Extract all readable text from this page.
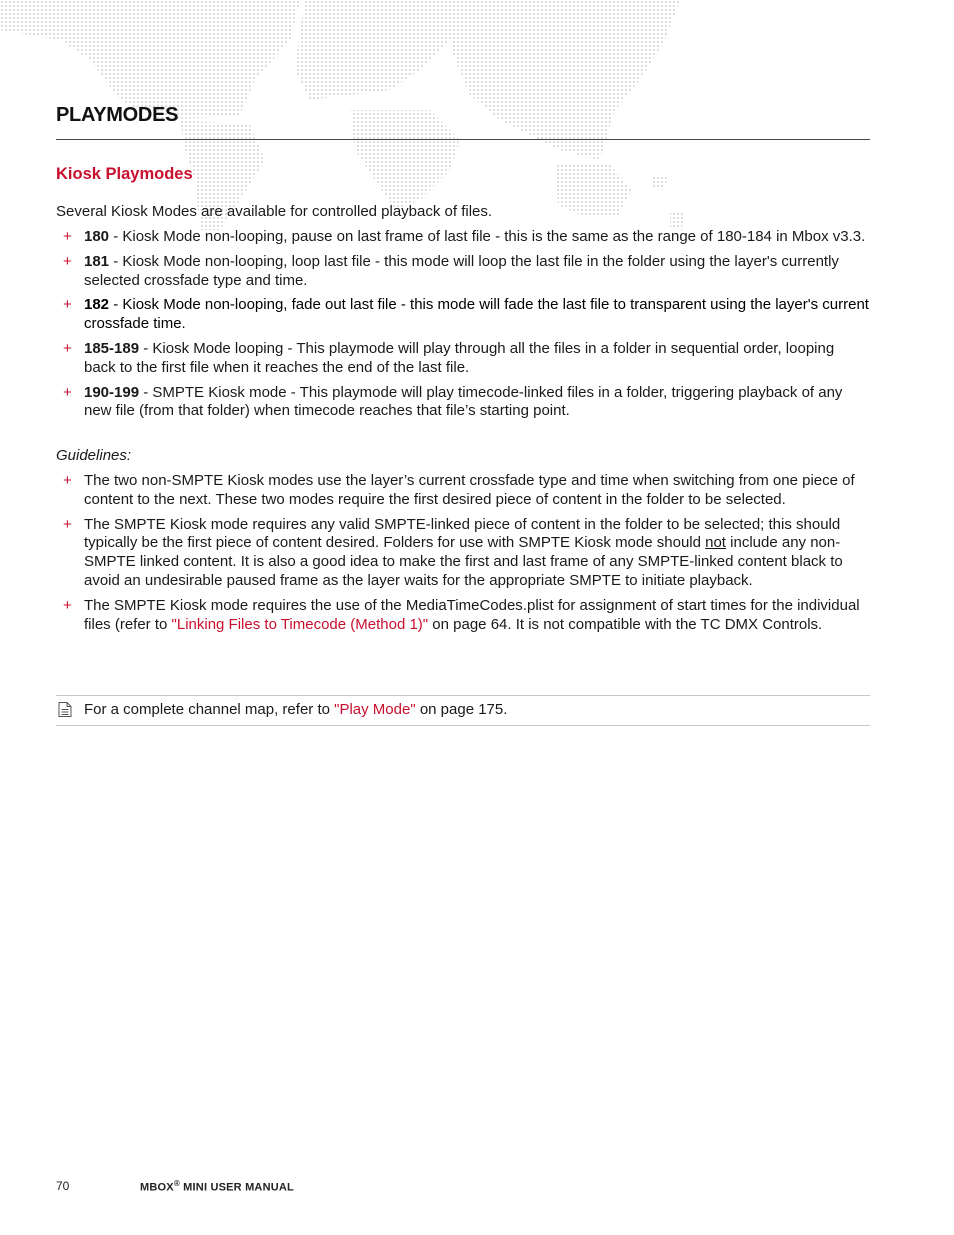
PLAYMODES
Kiosk Playmodes

Several Kiosk Modes are available for controlled playback of files.

+ 180 - Kiosk Mode non-looping, pause on last frame of last file - this is the same as the range of 180-184 in Mbox v3.3.
+ 181 - Kiosk Mode non-looping, loop last file - this mode will loop the last file in the folder using the layer's currently selected crossfade type and time.
+ 182 - Kiosk Mode non-looping, fade out last file - this mode will fade the last file to transparent using the layer's current crossfade time.
+ 185-189 - Kiosk Mode looping - This playmode will play through all the files in a folder in sequential order, looping back to the first file when it reaches the end of the last file.
+ 190-199 - SMPTE Kiosk mode - This playmode will play timecode-linked files in a folder, triggering playback of any new file (from that folder) when timecode reaches that file’s starting point.

Guidelines:

+ The two non-SMPTE Kiosk modes use the layer’s current crossfade type and time when switching from one piece of content to the next. These two modes require the first desired piece of content in the folder to be selected.
+ The SMPTE Kiosk mode requires any valid SMPTE-linked piece of content in the folder to be selected; this should typically be the first piece of content desired. Folders for use with SMPTE Kiosk mode should not include any non-SMPTE linked content. It is also a good idea to make the first and last frame of any SMPTE-linked content black to avoid an undesirable paused frame as the layer waits for the appropriate SMPTE to initiate playback.
+ The SMPTE Kiosk mode requires the use of the MediaTimeCodes.plist for assignment of start times for the individual files (refer to "Linking Files to Timecode (Method 1)" on page 64. It is not compatible with the TC DMX Controls.
For a complete channel map, refer to "Play Mode" on page 175.
70	MBOX® MINI USER MANUAL
